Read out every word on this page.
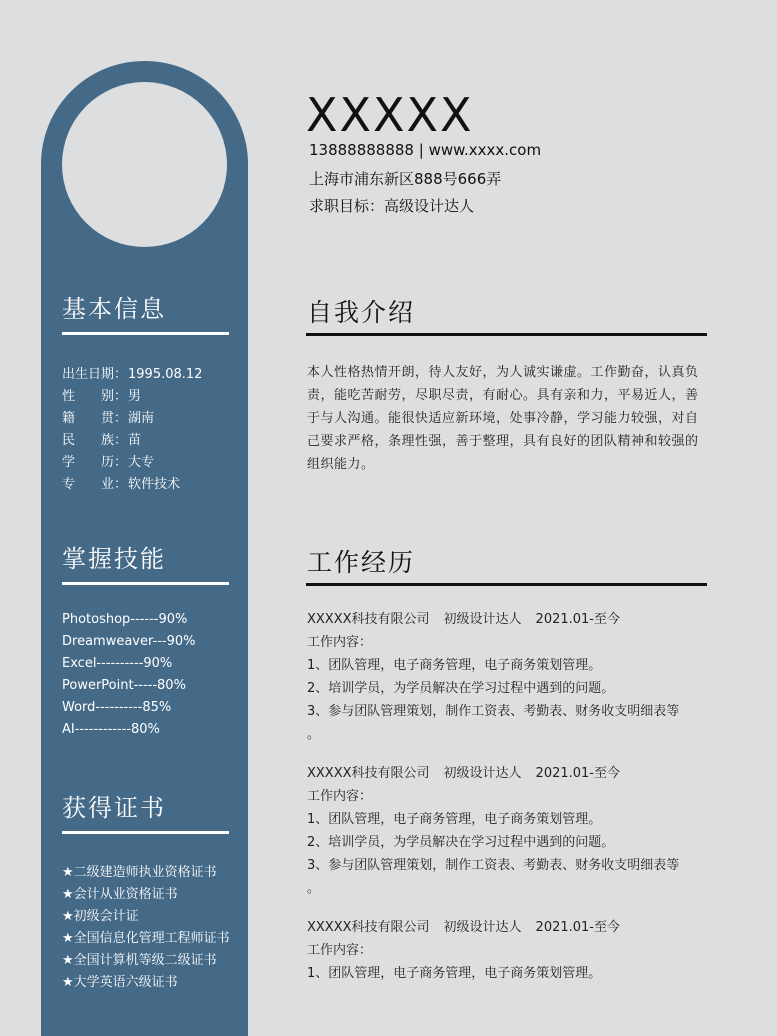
基本信息
出生日期：1995.08.12
性　　别：男
籍　　贯：湖南
民　　族：苗
学　　历：大专
专　　业：软件技术
掌握技能
Photoshop------90%
Dreamweaver---90%
Excel----------90%
PowerPoint-----80%
Word----------85%
AI------------80%
获得证书
★二级建造师执业资格证书
★会计从业资格证书
★初级会计证
★全国信息化管理工程师证书
★全国计算机等级二级证书
★大学英语六级证书
XXXXX
13888888888 | www.xxxx.com
上海市浦东新区888号666弄
求职目标：高级设计达人
自我介绍
本人性格热情开朗，待人友好，为人诚实谦虚。工作勤奋，认真负责，能吃苦耐劳，尽职尽责，有耐心。具有亲和力，平易近人，善于与人沟通。能很快适应新环境，处事冷静，学习能力较强，对自己要求严格，条理性强，善于整理，具有良好的团队精神和较强的组织能力。
工作经历
XXXXX科技有限公司 初级设计达人 2021.01-至今
工作内容：
1、团队管理，电子商务管理，电子商务策划管理。
2、培训学员，为学员解决在学习过程中遇到的问题。
3、参与团队管理策划，制作工资表、考勤表、财务收支明细表等
。
XXXXX科技有限公司 初级设计达人 2021.01-至今
工作内容：
1、团队管理，电子商务管理，电子商务策划管理。
2、培训学员，为学员解决在学习过程中遇到的问题。
3、参与团队管理策划，制作工资表、考勤表、财务收支明细表等
。
XXXXX科技有限公司 初级设计达人 2021.01-至今
工作内容：
1、团队管理，电子商务管理，电子商务策划管理。
